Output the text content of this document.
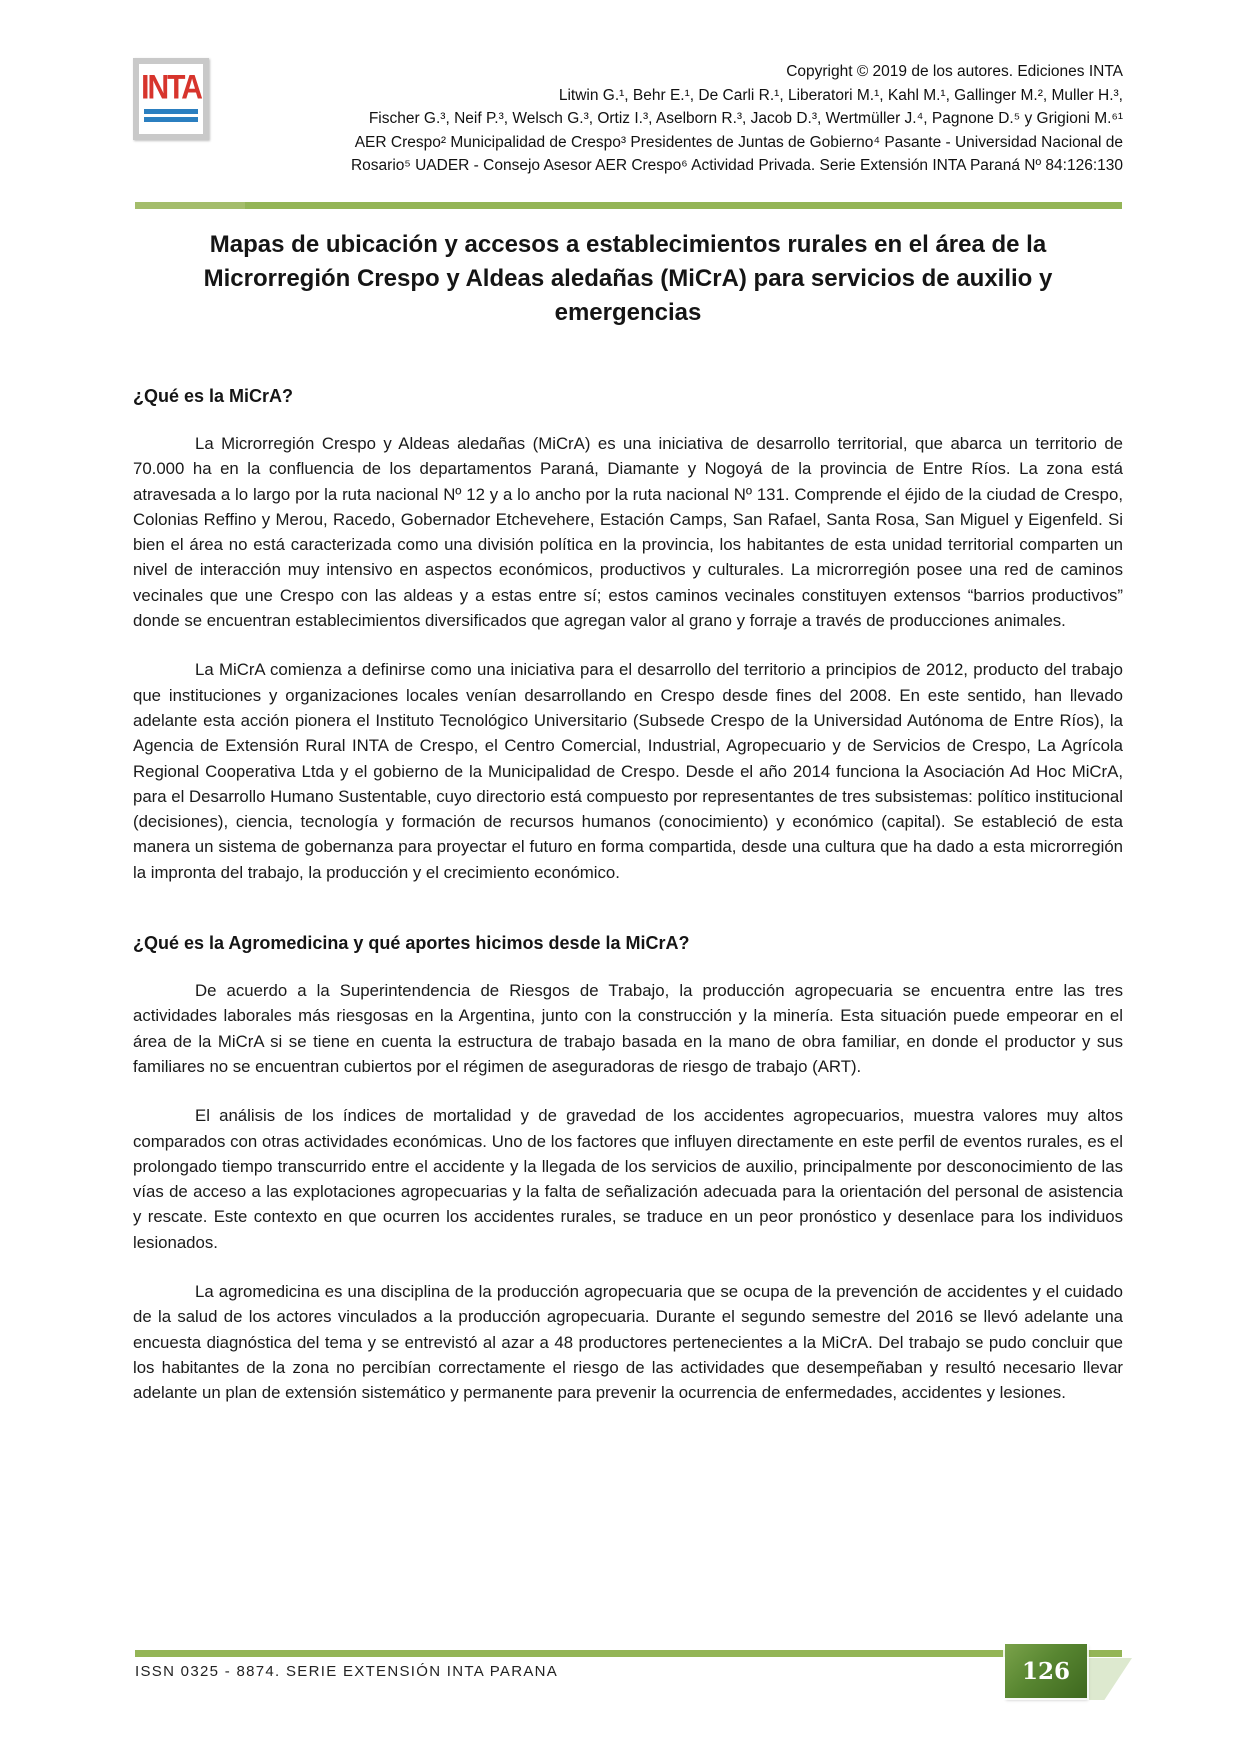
INTA	Copyright © 2019 de los autores. Ediciones INTA
Litwin G.¹, Behr E.¹, De Carli R.¹, Liberatori M.¹, Kahl M.¹, Gallinger M.², Muller H.³,
Fischer G.³, Neif P.³, Welsch G.³, Ortiz I.³, Aselborn R.³, Jacob D.³, Wertmüller J.⁴, Pagnone D.⁵ y Grigioni M.⁶¹
AER Crespo² Municipalidad de Crespo³ Presidentes de Juntas de Gobierno⁴ Pasante - Universidad Nacional de
Rosario⁵ UADER - Consejo Asesor AER Crespo⁶ Actividad Privada. Serie Extensión INTA Paraná Nº 84:126:130
Mapas de ubicación y accesos a establecimientos rurales en el área de la Microrregión Crespo y Aldeas aledañas (MiCrA) para servicios de auxilio y emergencias
¿Qué es la MiCrA?

La Microrregión Crespo y Aldeas aledañas (MiCrA) es una iniciativa de desarrollo territorial, que abarca un territorio de 70.000 ha en la confluencia de los departamentos Paraná, Diamante y Nogoyá de la provincia de Entre Ríos. La zona está atravesada a lo largo por la ruta nacional Nº 12 y a lo ancho por la ruta nacional Nº 131. Comprende el éjido de la ciudad de Crespo, Colonias Reffino y Merou, Racedo, Gobernador Etchevehere, Estación Camps, San Rafael, Santa Rosa, San Miguel y Eigenfeld. Si bien el área no está caracterizada como una división política en la provincia, los habitantes de esta unidad territorial comparten un nivel de interacción muy intensivo en aspectos económicos, productivos y culturales. La microrregión posee una red de caminos vecinales que une Crespo con las aldeas y a estas entre sí; estos caminos vecinales constituyen extensos “barrios productivos” donde se encuentran establecimientos diversificados que agregan valor al grano y forraje a través de producciones animales.

La MiCrA comienza a definirse como una iniciativa para el desarrollo del territorio a principios de 2012, producto del trabajo que instituciones y organizaciones locales venían desarrollando en Crespo desde fines del 2008. En este sentido, han llevado adelante esta acción pionera el Instituto Tecnológico Universitario (Subsede Crespo de la Universidad Autónoma de Entre Ríos), la Agencia de Extensión Rural INTA de Crespo, el Centro Comercial, Industrial, Agropecuario y de Servicios de Crespo, La Agrícola Regional Cooperativa Ltda y el gobierno de la Municipalidad de Crespo. Desde el año 2014 funciona la Asociación Ad Hoc MiCrA, para el Desarrollo Humano Sustentable, cuyo directorio está compuesto por representantes de tres subsistemas: político institucional (decisiones), ciencia, tecnología y formación de recursos humanos (conocimiento) y económico (capital). Se estableció de esta manera un sistema de gobernanza para proyectar el futuro en forma compartida, desde una cultura que ha dado a esta microrregión la impronta del trabajo, la producción y el crecimiento económico.

¿Qué es la Agromedicina y qué aportes hicimos desde la MiCrA?

De acuerdo a la Superintendencia de Riesgos de Trabajo, la producción agropecuaria se encuentra entre las tres actividades laborales más riesgosas en la Argentina, junto con la construcción y la minería. Esta situación puede empeorar en el área de la MiCrA si se tiene en cuenta la estructura de trabajo basada en la mano de obra familiar, en donde el productor y sus familiares no se encuentran cubiertos por el régimen de aseguradoras de riesgo de trabajo (ART).

El análisis de los índices de mortalidad y de gravedad de los accidentes agropecuarios, muestra valores muy altos comparados con otras actividades económicas. Uno de los factores que influyen directamente en este perfil de eventos rurales, es el prolongado tiempo transcurrido entre el accidente y la llegada de los servicios de auxilio, principalmente por desconocimiento de las vías de acceso a las explotaciones agropecuarias y la falta de señalización adecuada para la orientación del personal de asistencia y rescate. Este contexto en que ocurren los accidentes rurales, se traduce en un peor pronóstico y desenlace para los individuos lesionados.

La agromedicina es una disciplina de la producción agropecuaria que se ocupa de la prevención de accidentes y el cuidado de la salud de los actores vinculados a la producción agropecuaria. Durante el segundo semestre del 2016 se llevó adelante una encuesta diagnóstica del tema y se entrevistó al azar a 48 productores pertenecientes a la MiCrA. Del trabajo se pudo concluir que los habitantes de la zona no percibían correctamente el riesgo de las actividades que desempeñaban y resultó necesario llevar adelante un plan de extensión sistemático y permanente para prevenir la ocurrencia de enfermedades, accidentes y lesiones.

ISSN 0325 - 8874. SERIE EXTENSIÓN INTA PARANA	126
